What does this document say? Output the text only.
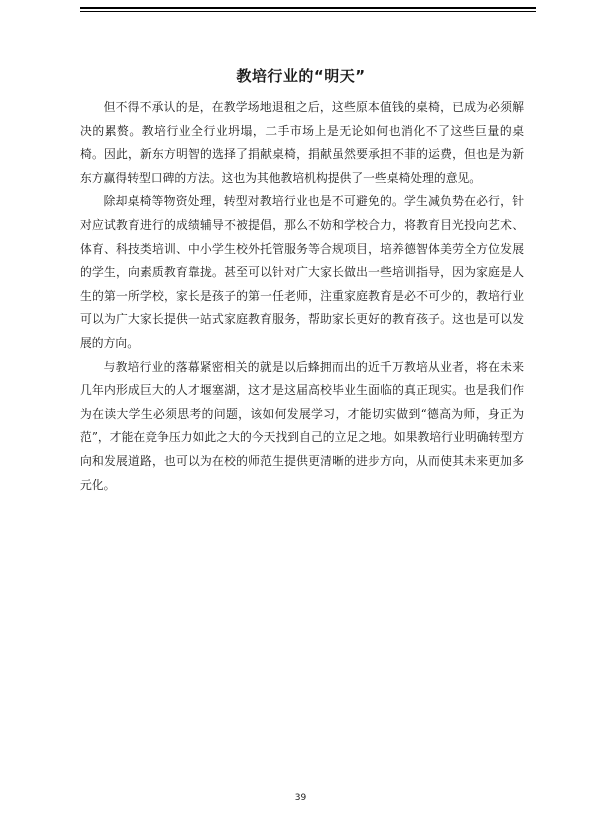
教培行业的“明天”

但不得不承认的是，在教学场地退租之后，这些原本值钱的桌椅，已成为必须解决的累赘。教培行业全行业坍塌，二手市场上是无论如何也消化不了这些巨量的桌椅。因此，新东方明智的选择了捐献桌椅，捐献虽然要承担不菲的运费，但也是为新东方赢得转型口碑的方法。这也为其他教培机构提供了一些桌椅处理的意见。

除却桌椅等物资处理，转型对教培行业也是不可避免的。学生减负势在必行，针对应试教育进行的成绩辅导不被提倡，那么不妨和学校合力，将教育目光投向艺术、体育、科技类培训、中小学生校外托管服务等合规项目，培养德智体美劳全方位发展的学生，向素质教育靠拢。甚至可以针对广大家长做出一些培训指导，因为家庭是人生的第一所学校，家长是孩子的第一任老师，注重家庭教育是必不可少的，教培行业可以为广大家长提供一站式家庭教育服务，帮助家长更好的教育孩子。这也是可以发展的方向。

与教培行业的落幕紧密相关的就是以后蜂拥而出的近千万教培从业者，将在未来几年内形成巨大的人才堰塞湖，这才是这届高校毕业生面临的真正现实。也是我们作为在读大学生必须思考的问题，该如何发展学习，才能切实做到“德高为师，身正为范”，才能在竞争压力如此之大的今天找到自己的立足之地。如果教培行业明确转型方向和发展道路，也可以为在校的师范生提供更清晰的进步方向，从而使其未来更加多元化。

39
